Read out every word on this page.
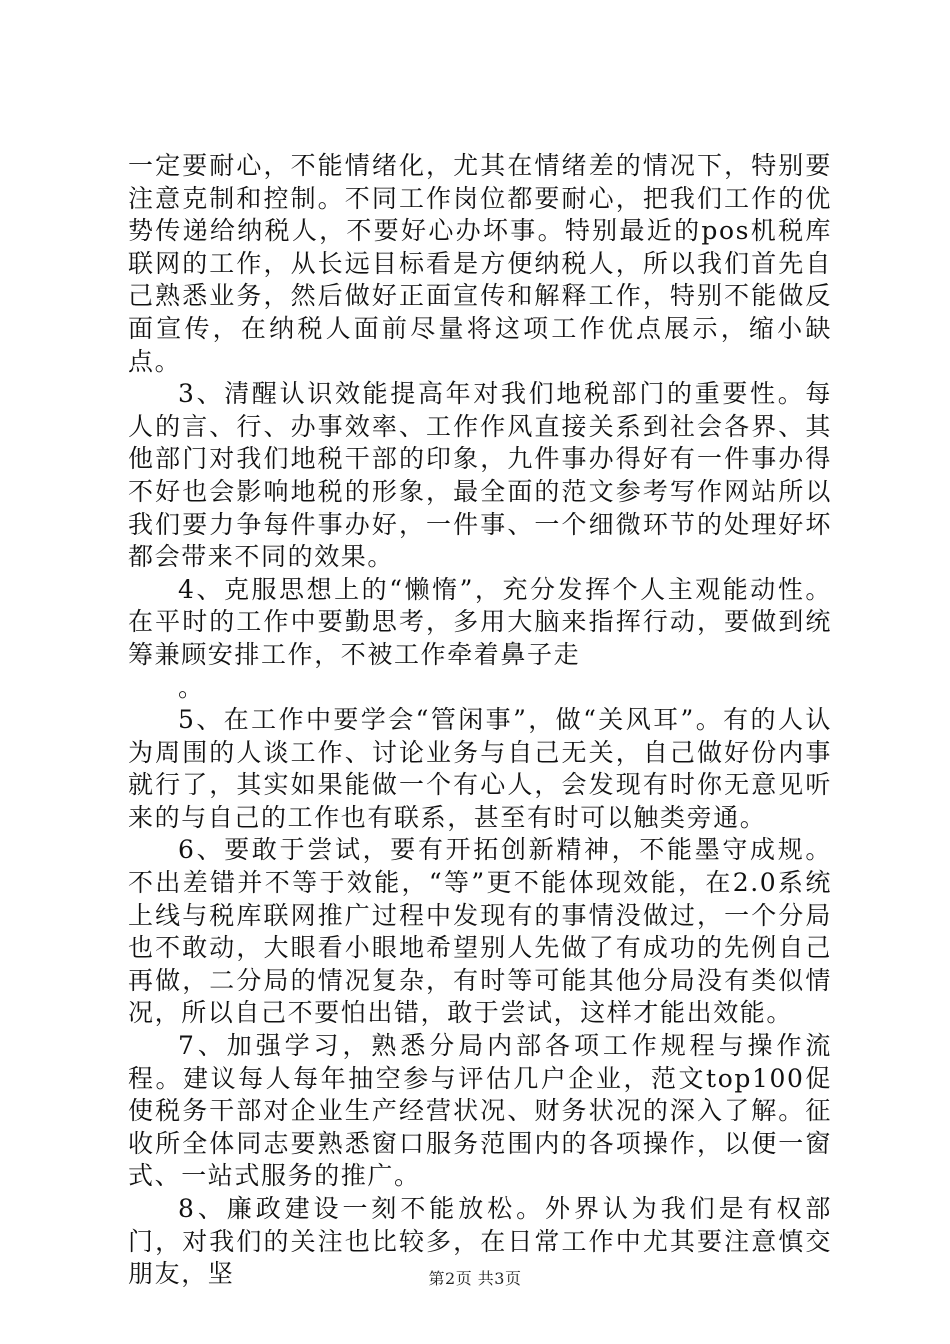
一定要耐心，不能情绪化，尤其在情绪差的情况下，特别要注意克制和控制。不同工作岗位都要耐心，把我们工作的优势传递给纳税人，不要好心办坏事。特别最近的pos机税库联网的工作，从长远目标看是方便纳税人，所以我们首先自己熟悉业务，然后做好正面宣传和解释工作，特别不能做反面宣传，在纳税人面前尽量将这项工作优点展示，缩小缺点。

3、清醒认识效能提高年对我们地税部门的重要性。每人的言、行、办事效率、工作作风直接关系到社会各界、其他部门对我们地税干部的印象，九件事办得好有一件事办得不好也会影响地税的形象，最全面的范文参考写作网站所以我们要力争每件事办好，一件事、一个细微环节的处理好坏都会带来不同的效果。

4、克服思想上的“懒惰”，充分发挥个人主观能动性。在平时的工作中要勤思考，多用大脑来指挥行动，要做到统筹兼顾安排工作，不被工作牵着鼻子走

。

5、在工作中要学会“管闲事”，做“关风耳”。有的人认为周围的人谈工作、讨论业务与自己无关，自己做好份内事就行了，其实如果能做一个有心人，会发现有时你无意见听来的与自己的工作也有联系，甚至有时可以触类旁通。

6、要敢于尝试，要有开拓创新精神，不能墨守成规。不出差错并不等于效能，“等”更不能体现效能，在2.0系统上线与税库联网推广过程中发现有的事情没做过，一个分局也不敢动，大眼看小眼地希望别人先做了有成功的先例自己再做，二分局的情况复杂，有时等可能其他分局没有类似情况，所以自己不要怕出错，敢于尝试，这样才能出效能。

7、加强学习，熟悉分局内部各项工作规程与操作流程。建议每人每年抽空参与评估几户企业，范文top100促使税务干部对企业生产经营状况、财务状况的深入了解。征收所全体同志要熟悉窗口服务范围内的各项操作，以便一窗式、一站式服务的推广。

8、廉政建设一刻不能放松。外界认为我们是有权部门，对我们的关注也比较多，在日常工作中尤其要注意慎交朋友，坚	第2页 共3页
